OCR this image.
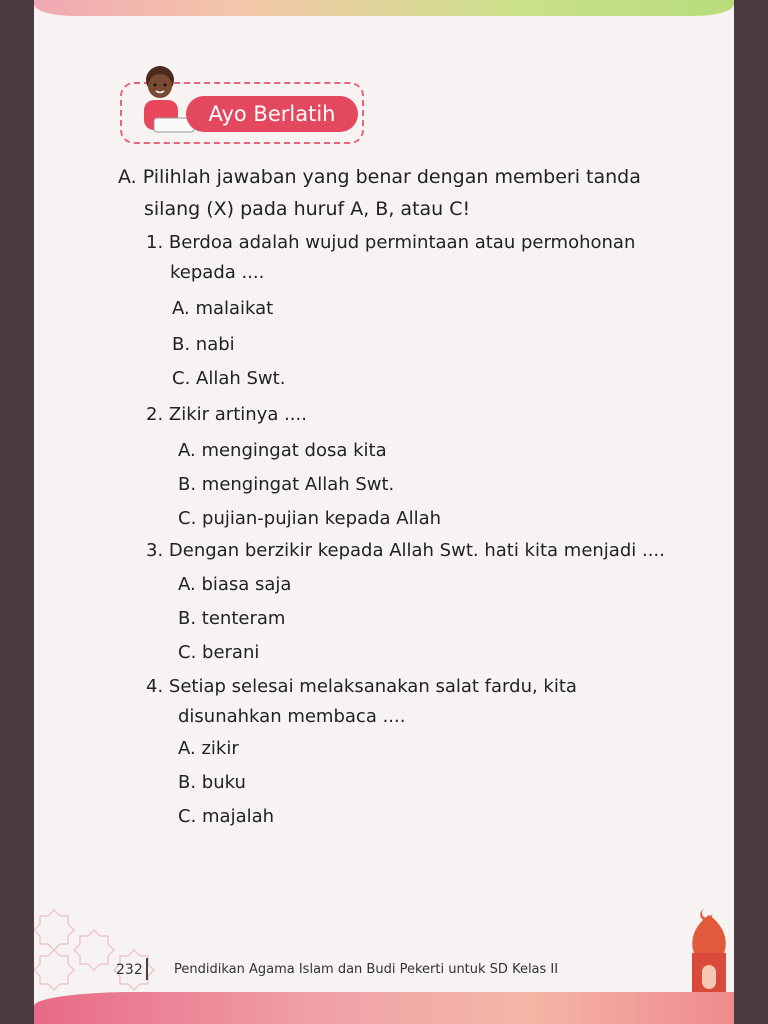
Ayo Berlatih
A. Pilihlah jawaban yang benar dengan memberi tanda
silang (X) pada huruf A, B, atau C!
1. Berdoa adalah wujud permintaan atau permohonan
kepada ....
A. malaikat
B. nabi
C. Allah Swt.
2. Zikir artinya ....
A. mengingat dosa kita
B. mengingat Allah Swt.
C. pujian-pujian kepada Allah
3. Dengan berzikir kepada Allah Swt. hati kita menjadi ....
A. biasa saja
B. tenteram
C. berani
4. Setiap selesai melaksanakan salat fardu, kita
disunahkan membaca ....
A. zikir
B. buku
C. majalah
232 Pendidikan Agama Islam dan Budi Pekerti untuk SD Kelas II
